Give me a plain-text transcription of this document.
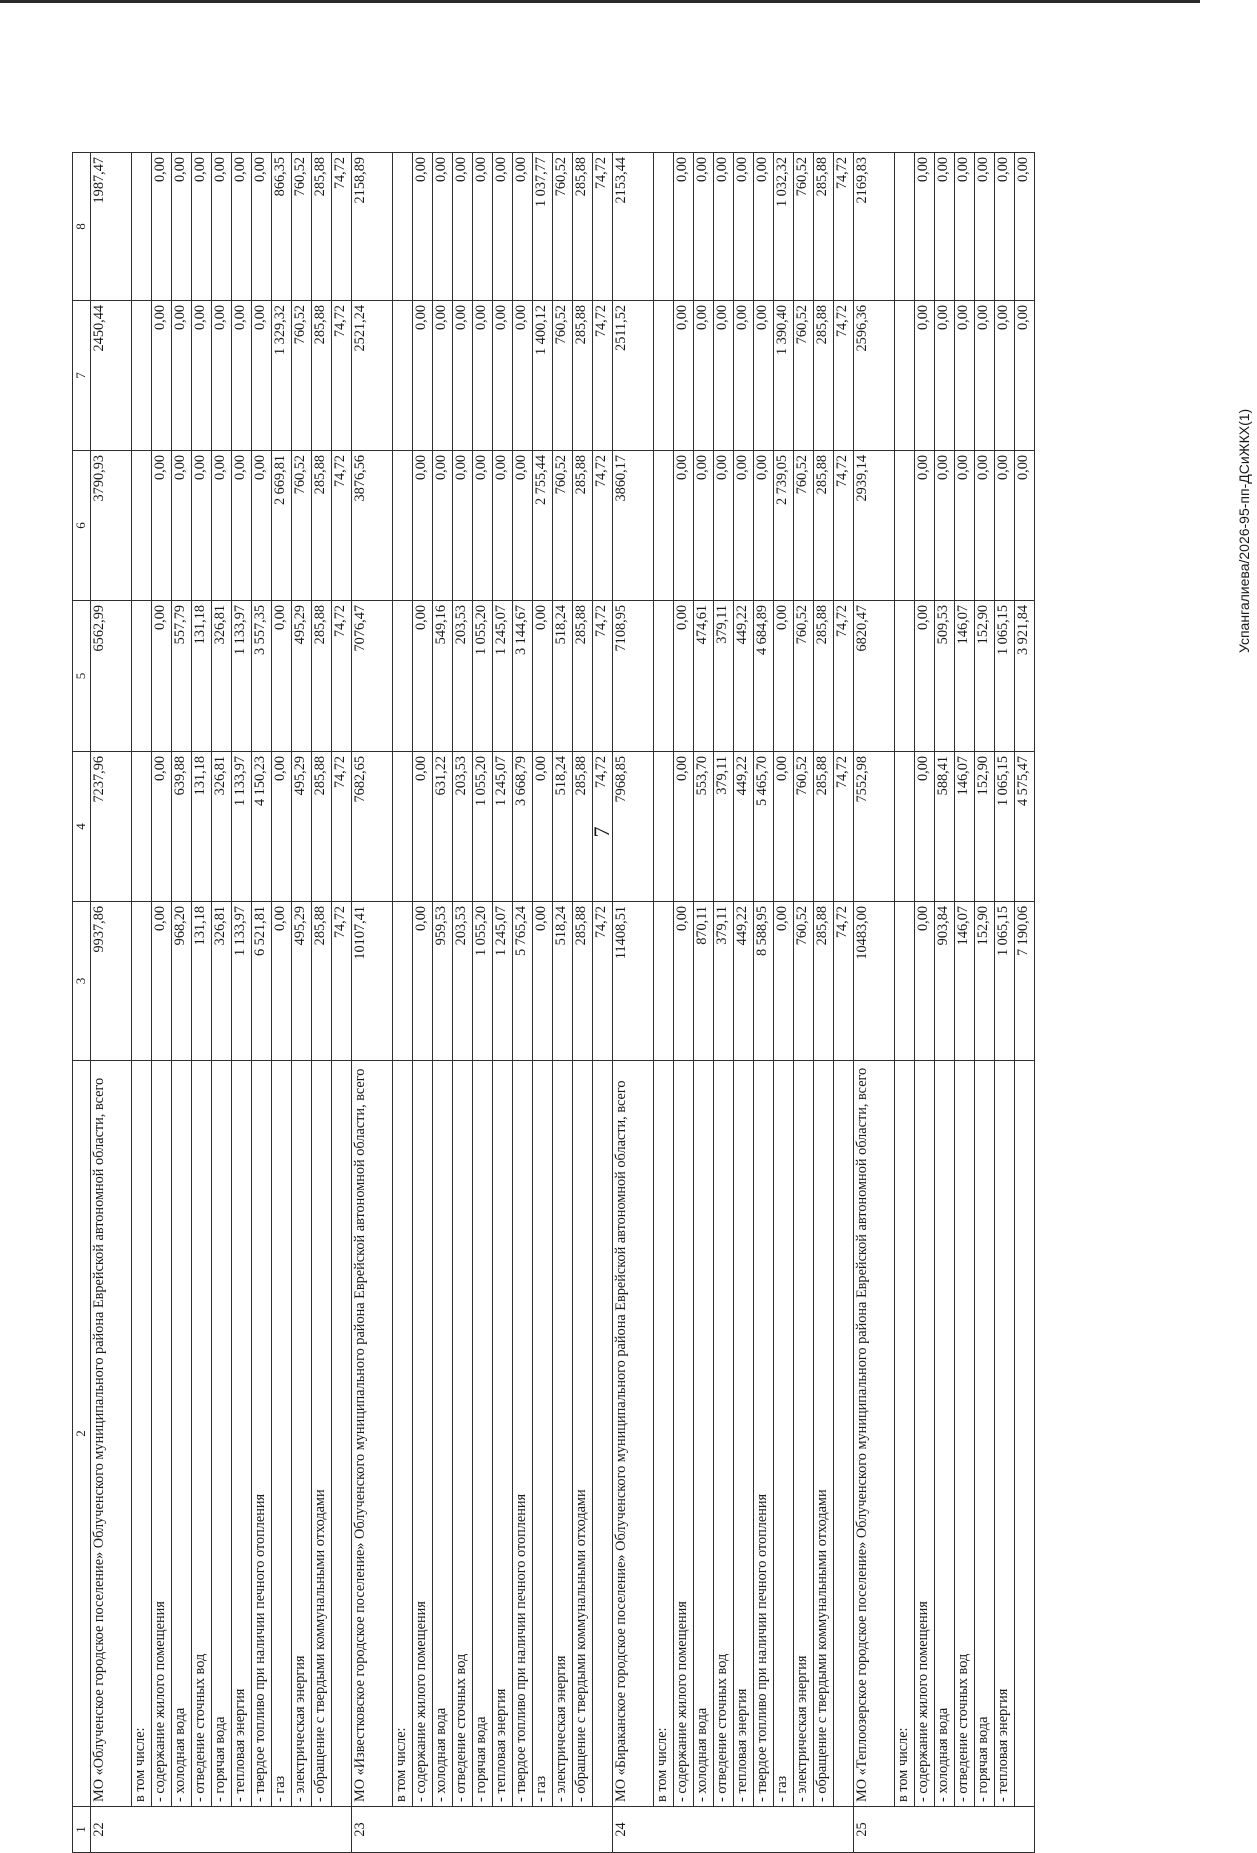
7
Успангалиева/2026-95-пп-ДСиЖКХ(1)
1	2	3	4	5	6	7	8
22	МО «Облученское городское поселение» Облученского муниципального района Еврейской автономной области, всего	9937,86	7237,96	6562,99	3790,93	2450,44	1987,47
	в том числе:						
	- содержание жилого помещения	0,00	0,00	0,00	0,00	0,00	0,00
	- холодная вода	968,20	639,88	557,79	0,00	0,00	0,00
	- отведение сточных вод	131,18	131,18	131,18	0,00	0,00	0,00
	- горячая вода	326,81	326,81	326,81	0,00	0,00	0,00
	- тепловая энергия	1 133,97	1 133,97	1 133,97	0,00	0,00	0,00
	- твердое топливо при наличии печного отопления	6 521,81	4 150,23	3 557,35	0,00	0,00	0,00
	- газ	0,00	0,00	0,00	2 669,81	1 329,32	866,35
	- электрическая энергия	495,29	495,29	495,29	760,52	760,52	760,52
	- обращение с твердыми коммунальными отходами	285,88	285,88	285,88	285,88	285,88	285,88
		74,72	74,72	74,72	74,72	74,72	74,72
23	МО «Известковское городское поселение» Облученского муниципального района Еврейской автономной области, всего	10107,41	7682,65	7076,47	3876,56	2521,24	2158,89
	в том числе:						
	- содержание жилого помещения	0,00	0,00	0,00	0,00	0,00	0,00
	- холодная вода	959,53	631,22	549,16	0,00	0,00	0,00
	- отведение сточных вод	203,53	203,53	203,53	0,00	0,00	0,00
	- горячая вода	1 055,20	1 055,20	1 055,20	0,00	0,00	0,00
	- тепловая энергия	1 245,07	1 245,07	1 245,07	0,00	0,00	0,00
	- твердое топливо при наличии печного отопления	5 765,24	3 668,79	3 144,67	0,00	0,00	0,00
	- газ	0,00	0,00	0,00	2 755,44	1 400,12	1 037,77
	- электрическая энергия	518,24	518,24	518,24	760,52	760,52	760,52
	- обращение с твердыми коммунальными отходами	285,88	285,88	285,88	285,88	285,88	285,88
		74,72	74,72	74,72	74,72	74,72	74,72
24	МО «Бираканское городское поселение» Облученского муниципального района Еврейской автономной области, всего	11408,51	7968,85	7108,95	3860,17	2511,52	2153,44
	в том числе:						
	- содержание жилого помещения	0,00	0,00	0,00	0,00	0,00	0,00
	- холодная вода	870,11	553,70	474,61	0,00	0,00	0,00
	- отведение сточных вод	379,11	379,11	379,11	0,00	0,00	0,00
	- тепловая энергия	449,22	449,22	449,22	0,00	0,00	0,00
	- твердое топливо при наличии печного отопления	8 588,95	5 465,70	4 684,89	0,00	0,00	0,00
	- газ	0,00	0,00	0,00	2 739,05	1 390,40	1 032,32
	- электрическая энергия	760,52	760,52	760,52	760,52	760,52	760,52
	- обращение с твердыми коммунальными отходами	285,88	285,88	285,88	285,88	285,88	285,88
		74,72	74,72	74,72	74,72	74,72	74,72
25	МО «Теплоозерское городское поселение» Облученского муниципального района Еврейской автономной области, всего	10483,00	7552,98	6820,47	2939,14	2596,36	2169,83
	в том числе:						
	- содержание жилого помещения	0,00	0,00	0,00	0,00	0,00	0,00
	- холодная вода	903,84	588,41	509,53	0,00	0,00	0,00
	- отведение сточных вод	146,07	146,07	146,07	0,00	0,00	0,00
	- горячая вода	152,90	152,90	152,90	0,00	0,00	0,00
	- тепловая энергия	1 065,15	1 065,15	1 065,15	0,00	0,00	0,00
		7 190,06	4 575,47	3 921,84	0,00	0,00	0,00
